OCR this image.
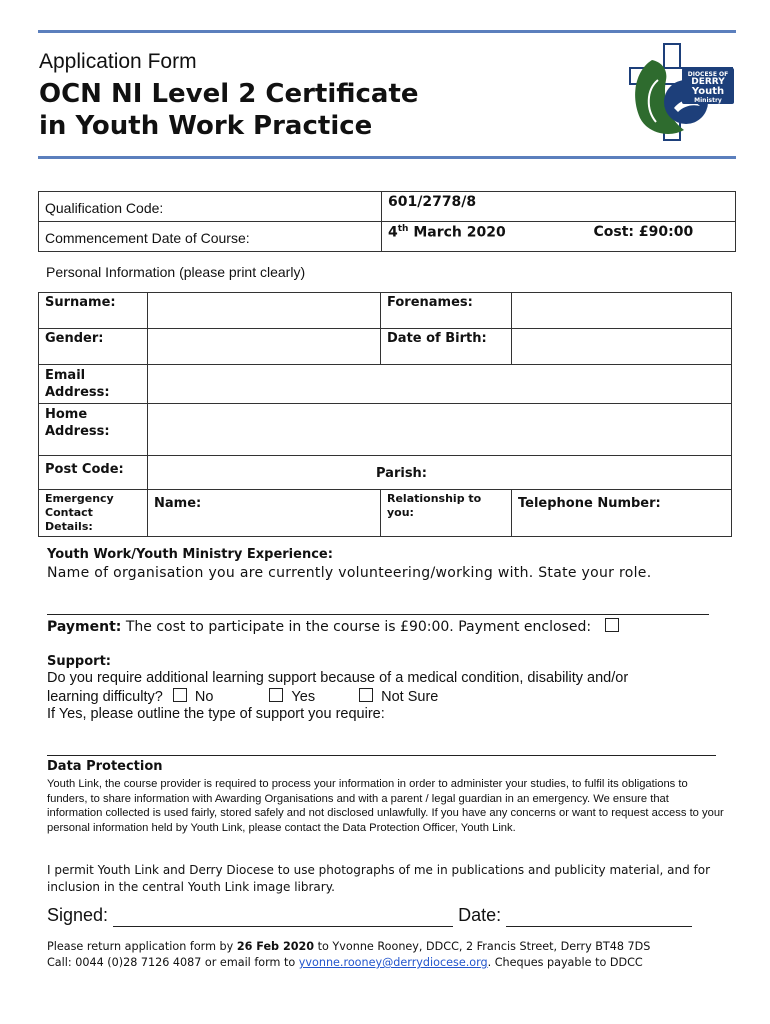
Application Form
OCN NI Level 2 Certificate
in Youth Work Practice
DIOCESE OF
DERRY
Youth
Ministry
Qualification Code:	601/2778/8
Commencement Date of Course:	4th March 2020 Cost: £90:00
Personal Information (please print clearly)
Surname:		Forenames:	
Gender:		Date of Birth:	
Email Address:			
Home Address:			
Post Code:	Parish:		
Emergency Contact Details:	Name:	Relationship to you:	Telephone Number:
Youth Work/Youth Ministry Experience:
Name of organisation you are currently volunteering/working with. State your role.
Payment: The cost to participate in the course is £90:00. Payment enclosed:
Support:
Do you require additional learning support because of a medical condition, disability and/or
learning difficulty? No	Yes	Not Sure
If Yes, please outline the type of support you require:
Data Protection
Youth Link, the course provider is required to process your information in order to administer your studies, to fulfil its obligations to funders, to share information with Awarding Organisations and with a parent / legal guardian in an emergency. We ensure that information collected is used fairly, stored safely and not disclosed unlawfully. If you have any concerns or want to request access to your personal information held by Youth Link, please contact the Data Protection Officer, Youth Link.
I permit Youth Link and Derry Diocese to use photographs of me in publications and publicity material, and for inclusion in the central Youth Link image library.
Signed:	Date:
Please return application form by 26 Feb 2020 to Yvonne Rooney, DDCC, 2 Francis Street, Derry BT48 7DS
Call: 0044 (0)28 7126 4087 or email form to yvonne.rooney@derrydiocese.org. Cheques payable to DDCC
